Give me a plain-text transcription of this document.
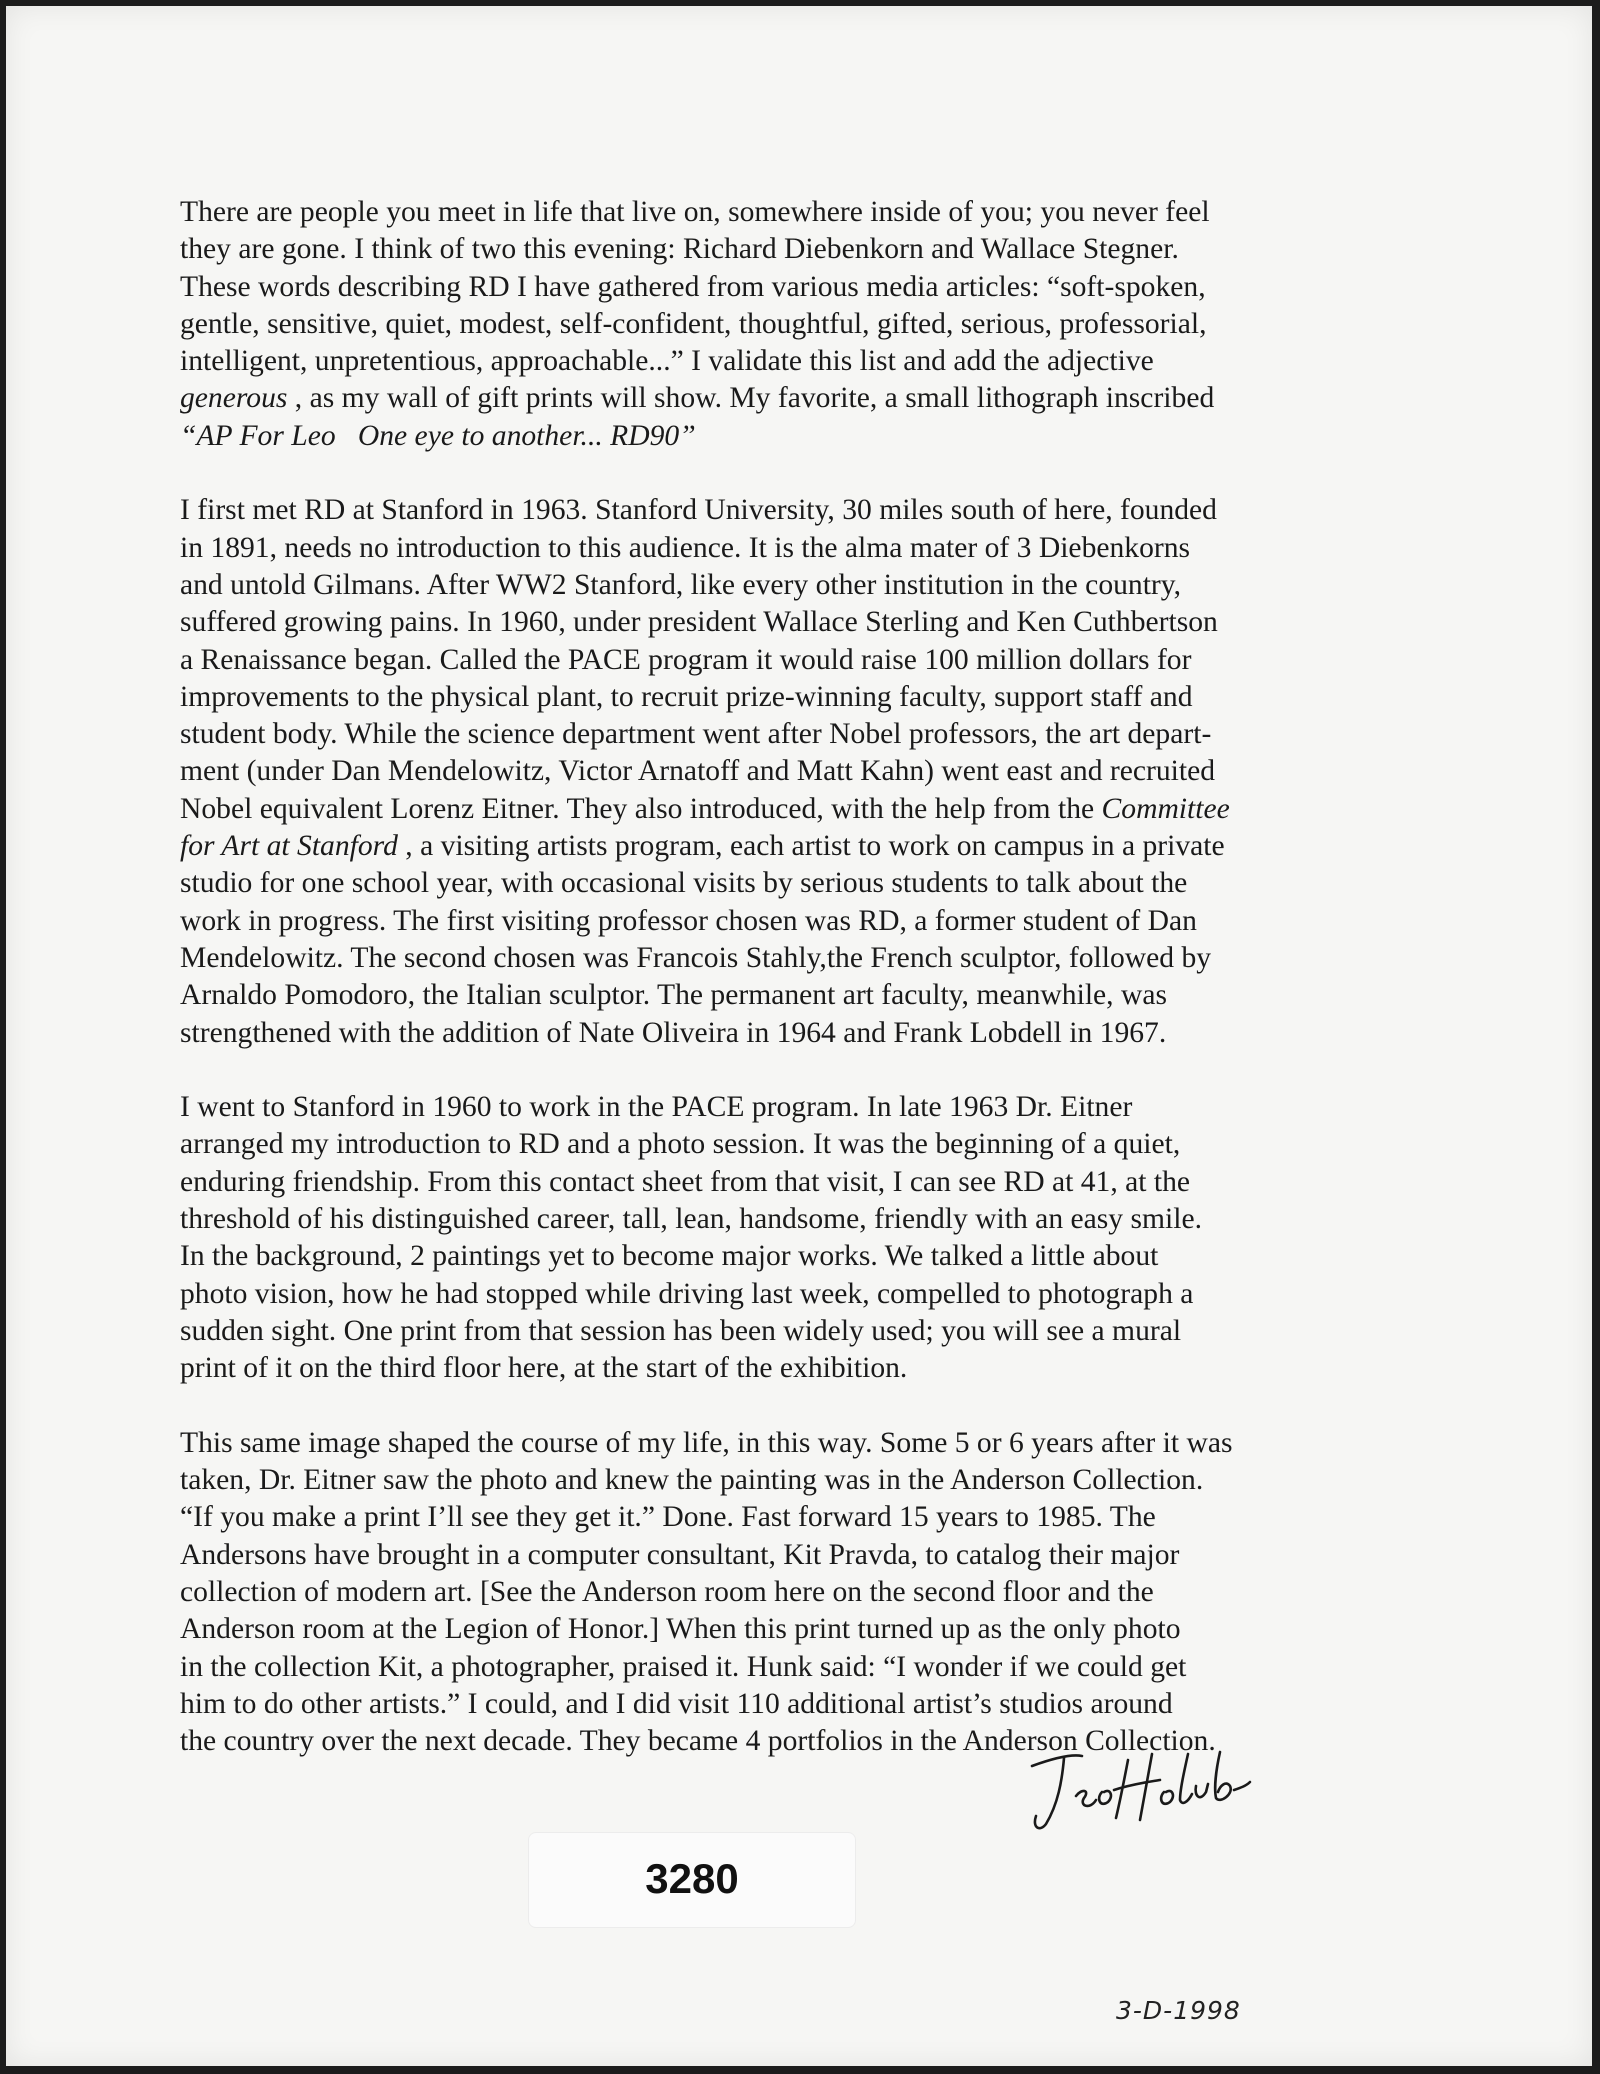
There are people you meet in life that live on, somewhere inside of you; you never feel
they are gone. I think of two this evening: Richard Diebenkorn and Wallace Stegner.
These words describing RD I have gathered from various media articles: “soft-spoken,
gentle, sensitive, quiet, modest, self-confident, thoughtful, gifted, serious, professorial,
intelligent, unpretentious, approachable...” I validate this list and add the adjective
generous , as my wall of gift prints will show. My favorite, a small lithograph inscribed
“AP For Leo   One eye to another... RD90”
I first met RD at Stanford in 1963. Stanford University, 30 miles south of here, founded
in 1891, needs no introduction to this audience. It is the alma mater of 3 Diebenkorns
and untold Gilmans. After WW2 Stanford, like every other institution in the country,
suffered growing pains. In 1960, under president Wallace Sterling and Ken Cuthbertson
a Renaissance began. Called the PACE program it would raise 100 million dollars for
improvements to the physical plant, to recruit prize-winning faculty, support staff and
student body. While the science department went after Nobel professors, the art depart-
ment (under Dan Mendelowitz, Victor Arnatoff and Matt Kahn) went east and recruited
Nobel equivalent Lorenz Eitner. They also introduced, with the help from the Committee
for Art at Stanford , a visiting artists program, each artist to work on campus in a private
studio for one school year, with occasional visits by serious students to talk about the
work in progress. The first visiting professor chosen was RD, a former student of Dan
Mendelowitz. The second chosen was Francois Stahly,the French sculptor, followed by
Arnaldo Pomodoro, the Italian sculptor. The permanent art faculty, meanwhile, was
strengthened with the addition of Nate Oliveira in 1964 and Frank Lobdell in 1967.
I went to Stanford in 1960 to work in the PACE program. In late 1963 Dr. Eitner
arranged my introduction to RD and a photo session. It was the beginning of a quiet,
enduring friendship. From this contact sheet from that visit, I can see RD at 41, at the
threshold of his distinguished career, tall, lean, handsome, friendly with an easy smile.
In the background, 2 paintings yet to become major works. We talked a little about
photo vision, how he had stopped while driving last week, compelled to photograph a
sudden sight. One print from that session has been widely used; you will see a mural
print of it on the third floor here, at the start of the exhibition.
This same image shaped the course of my life, in this way. Some 5 or 6 years after it was
taken, Dr. Eitner saw the photo and knew the painting was in the Anderson Collection.
“If you make a print I’ll see they get it.” Done. Fast forward 15 years to 1985. The
Andersons have brought in a computer consultant, Kit Pravda, to catalog their major
collection of modern art. [See the Anderson room here on the second floor and the
Anderson room at the Legion of Honor.] When this print turned up as the only photo
in the collection Kit, a photographer, praised it. Hunk said: “I wonder if we could get
him to do other artists.” I could, and I did visit 110 additional artist’s studios around
the country over the next decade. They became 4 portfolios in the Anderson Collection.
3280
3-D-1998
